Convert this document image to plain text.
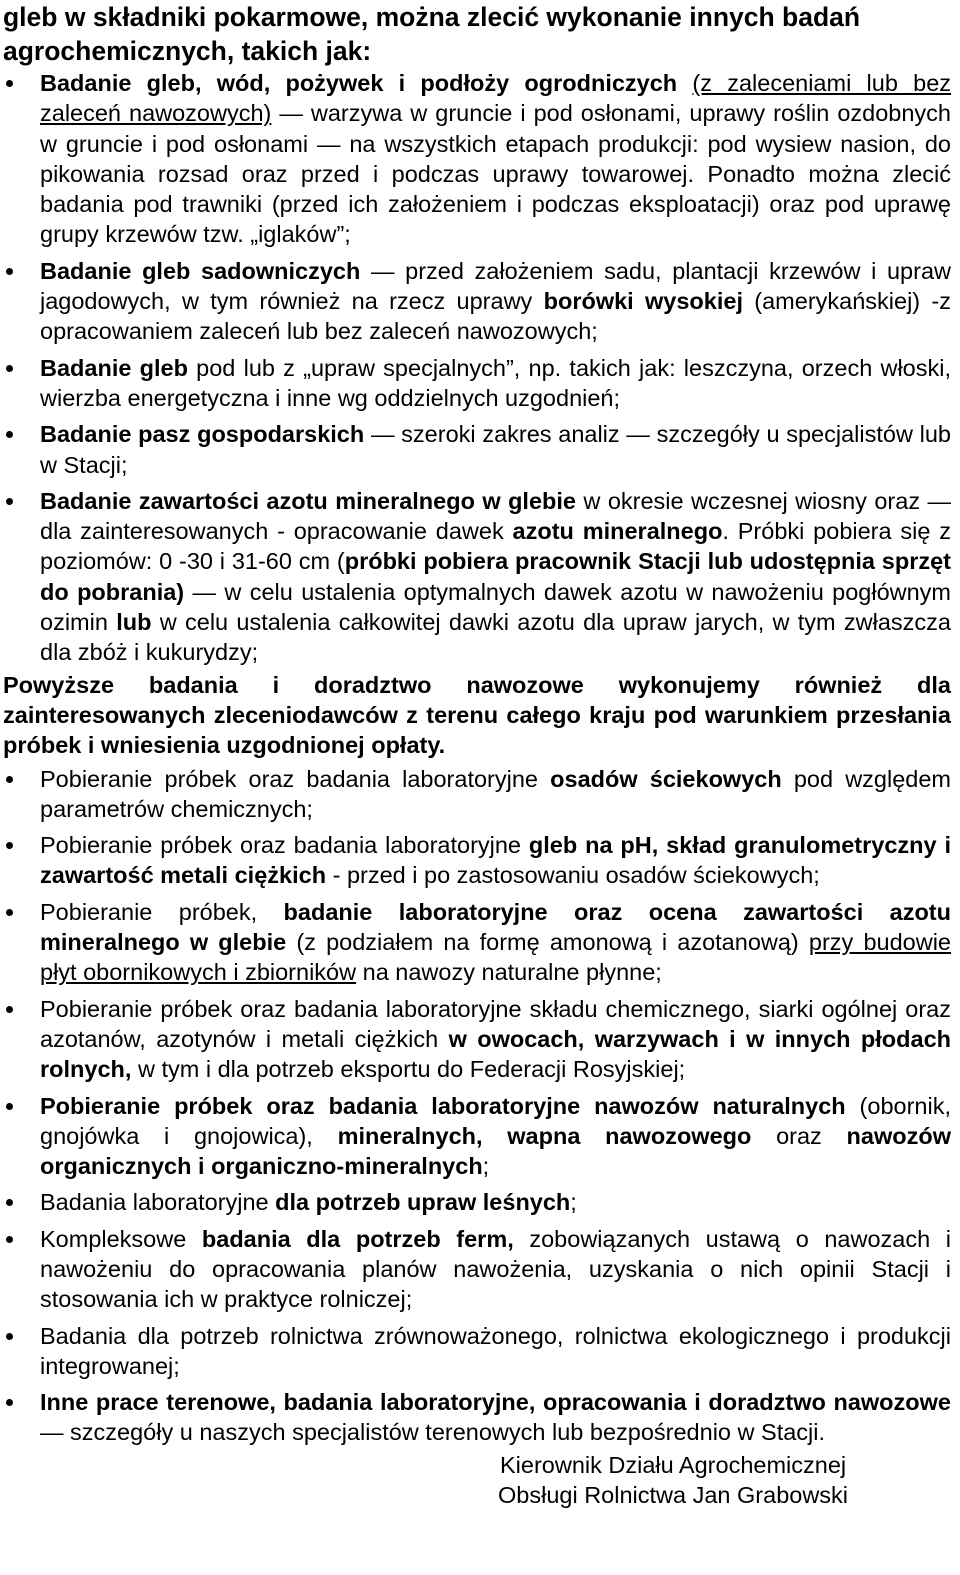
gleb w składniki pokarmowe, można zlecić wykonanie innych badań agrochemicznych, takich jak:

Badanie gleb, wód, pożywek i podłoży ogrodniczych (z zaleceniami lub bez zaleceń nawozowych) — warzywa w gruncie i pod osłonami, uprawy roślin ozdobnych w gruncie i pod osłonami — na wszystkich etapach produkcji: pod wysiew nasion, do pikowania rozsad oraz przed i podczas uprawy towarowej. Ponadto można zlecić badania pod trawniki (przed ich założeniem i podczas eksploatacji) oraz pod uprawę grupy krzewów tzw. „iglaków”;
Badanie gleb sadowniczych — przed założeniem sadu, plantacji krzewów i upraw jagodowych, w tym również na rzecz uprawy borówki wysokiej (amerykańskiej) -z opracowaniem zaleceń lub bez zaleceń nawozowych;
Badanie gleb pod lub z „upraw specjalnych”, np. takich jak: leszczyna, orzech włoski, wierzba energetyczna i inne wg oddzielnych uzgodnień;
Badanie pasz gospodarskich — szeroki zakres analiz — szczegóły u specjalistów lub w Stacji;
Badanie zawartości azotu mineralnego w glebie w okresie wczesnej wiosny oraz — dla zainteresowanych - opracowanie dawek azotu mineralnego. Próbki pobiera się z poziomów: 0 -30 i 31-60 cm (próbki pobiera pracownik Stacji lub udostępnia sprzęt do pobrania) — w celu ustalenia optymalnych dawek azotu w nawożeniu pogłównym ozimin lub w celu ustalenia całkowitej dawki azotu dla upraw jarych, w tym zwłaszcza dla zbóż i kukurydzy;

Powyższe badania i doradztwo nawozowe wykonujemy również dla zainteresowanych zleceniodawców z terenu całego kraju pod warunkiem przesłania próbek i wniesienia uzgodnionej opłaty.

Pobieranie próbek oraz badania laboratoryjne osadów ściekowych pod względem parametrów chemicznych;
Pobieranie próbek oraz badania laboratoryjne gleb na pH, skład granulometryczny i zawartość metali ciężkich - przed i po zastosowaniu osadów ściekowych;
Pobieranie próbek, badanie laboratoryjne oraz ocena zawartości azotu mineralnego w glebie (z podziałem na formę amonową i azotanową) przy budowie płyt obornikowych i zbiorników na nawozy naturalne płynne;
Pobieranie próbek oraz badania laboratoryjne składu chemicznego, siarki ogólnej oraz azotanów, azotynów i metali ciężkich w owocach, warzywach i w innych płodach rolnych, w tym i dla potrzeb eksportu do Federacji Rosyjskiej;
Pobieranie próbek oraz badania laboratoryjne nawozów naturalnych (obornik, gnojówka i gnojowica), mineralnych, wapna nawozowego oraz nawozów organicznych i organiczno-mineralnych;
Badania laboratoryjne dla potrzeb upraw leśnych;
Kompleksowe badania dla potrzeb ferm, zobowiązanych ustawą o nawozach i nawożeniu do opracowania planów nawożenia, uzyskania o nich opinii Stacji i stosowania ich w praktyce rolniczej;
Badania dla potrzeb rolnictwa zrównoważonego, rolnictwa ekologicznego i produkcji integrowanej;
Inne prace terenowe, badania laboratoryjne, opracowania i doradztwo nawozowe — szczegóły u naszych specjalistów terenowych lub bezpośrednio w Stacji.
Kierownik Działu Agrochemicznej
Obsługi Rolnictwa Jan Grabowski
